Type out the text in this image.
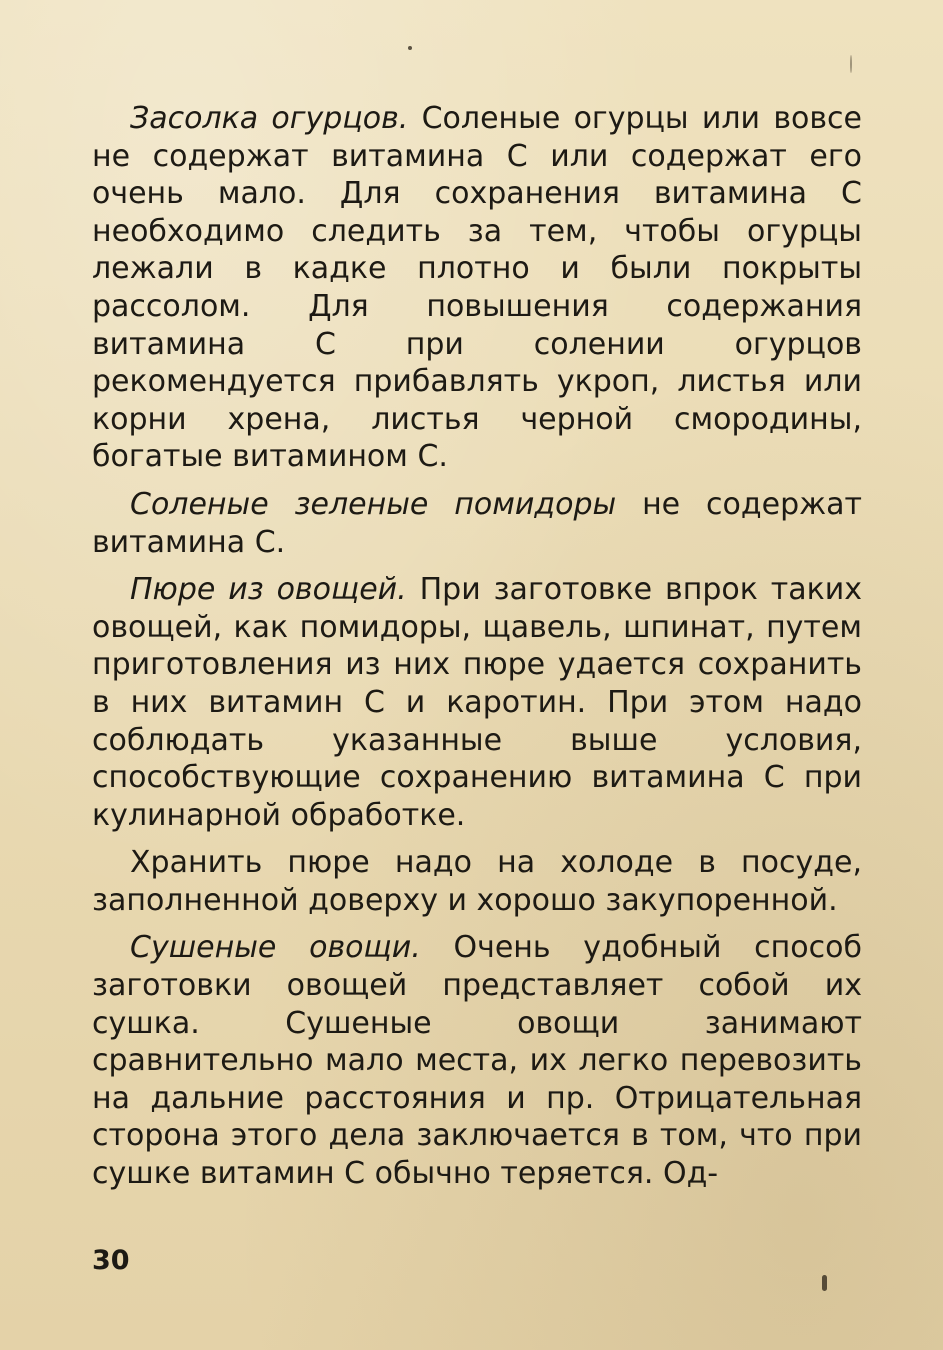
Засолка огурцов. Соленые огурцы или вовсе не содержат витамина С или содержат его очень мало. Для сохранения витамина С необходимо следить за тем, чтобы огурцы лежали в кадке плотно и были покрыты рассолом. Для повышения содержания витамина С при солении огурцов рекомендуется прибавлять укроп, листья или корни хрена, листья черной смородины, богатые витамином С.

Соленые зеленые помидоры не содержат витамина С.

Пюре из овощей. При заготовке впрок таких овощей, как помидоры, щавель, шпинат, путем приготовления из них пюре удается сохранить в них витамин С и каротин. При этом надо соблюдать указанные выше условия, способствующие сохранению витамина С при кулинарной обработке.

Хранить пюре надо на холоде в посуде, заполненной доверху и хорошо закупоренной.

Сушеные овощи. Очень удобный способ заготовки овощей представляет собой их сушка. Сушеные овощи занимают сравнительно мало места, их легко перевозить на дальние расстояния и пр. Отрицательная сторона этого дела заключается в том, что при сушке витамин С обычно теряется. Од-

30
